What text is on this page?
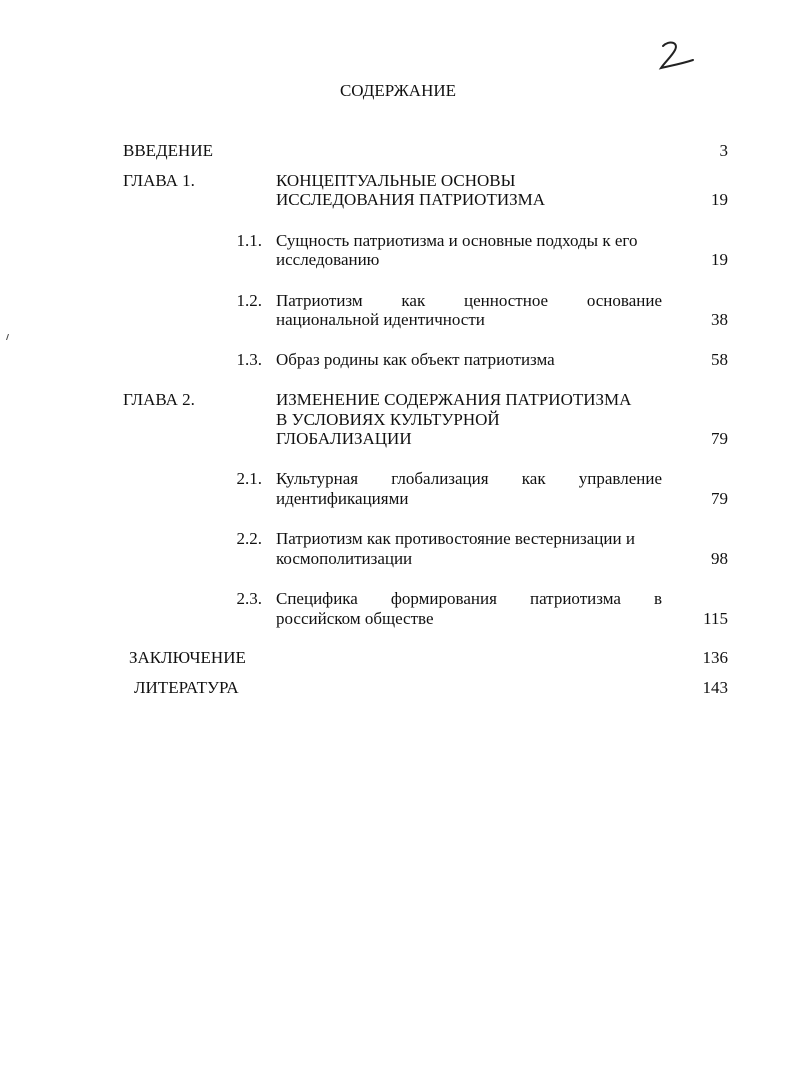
СОДЕРЖАНИЕ
ВВЕДЕНИЕ	3
ГЛАВА 1.	КОНЦЕПТУАЛЬНЫЕ ОСНОВЫ
ИССЛЕДОВАНИЯ ПАТРИОТИЗМА	19
1.1. Сущность патриотизма и основные подходы к его
исследованию	19
1.2. Патриотизм как ценностное основание
национальной идентичности	38
1.3. Образ родины как объект патриотизма	58
ГЛАВА 2.	ИЗМЕНЕНИЕ СОДЕРЖАНИЯ ПАТРИОТИЗМА
В УСЛОВИЯХ КУЛЬТУРНОЙ
ГЛОБАЛИЗАЦИИ	79
2.1. Культурная глобализация как управление
идентификациями	79
2.2. Патриотизм как противостояние вестернизации и
космополитизации	98
2.3. Специфика формирования патриотизма в
российском обществе	115
ЗАКЛЮЧЕНИЕ	136
ЛИТЕРАТУРА	143
